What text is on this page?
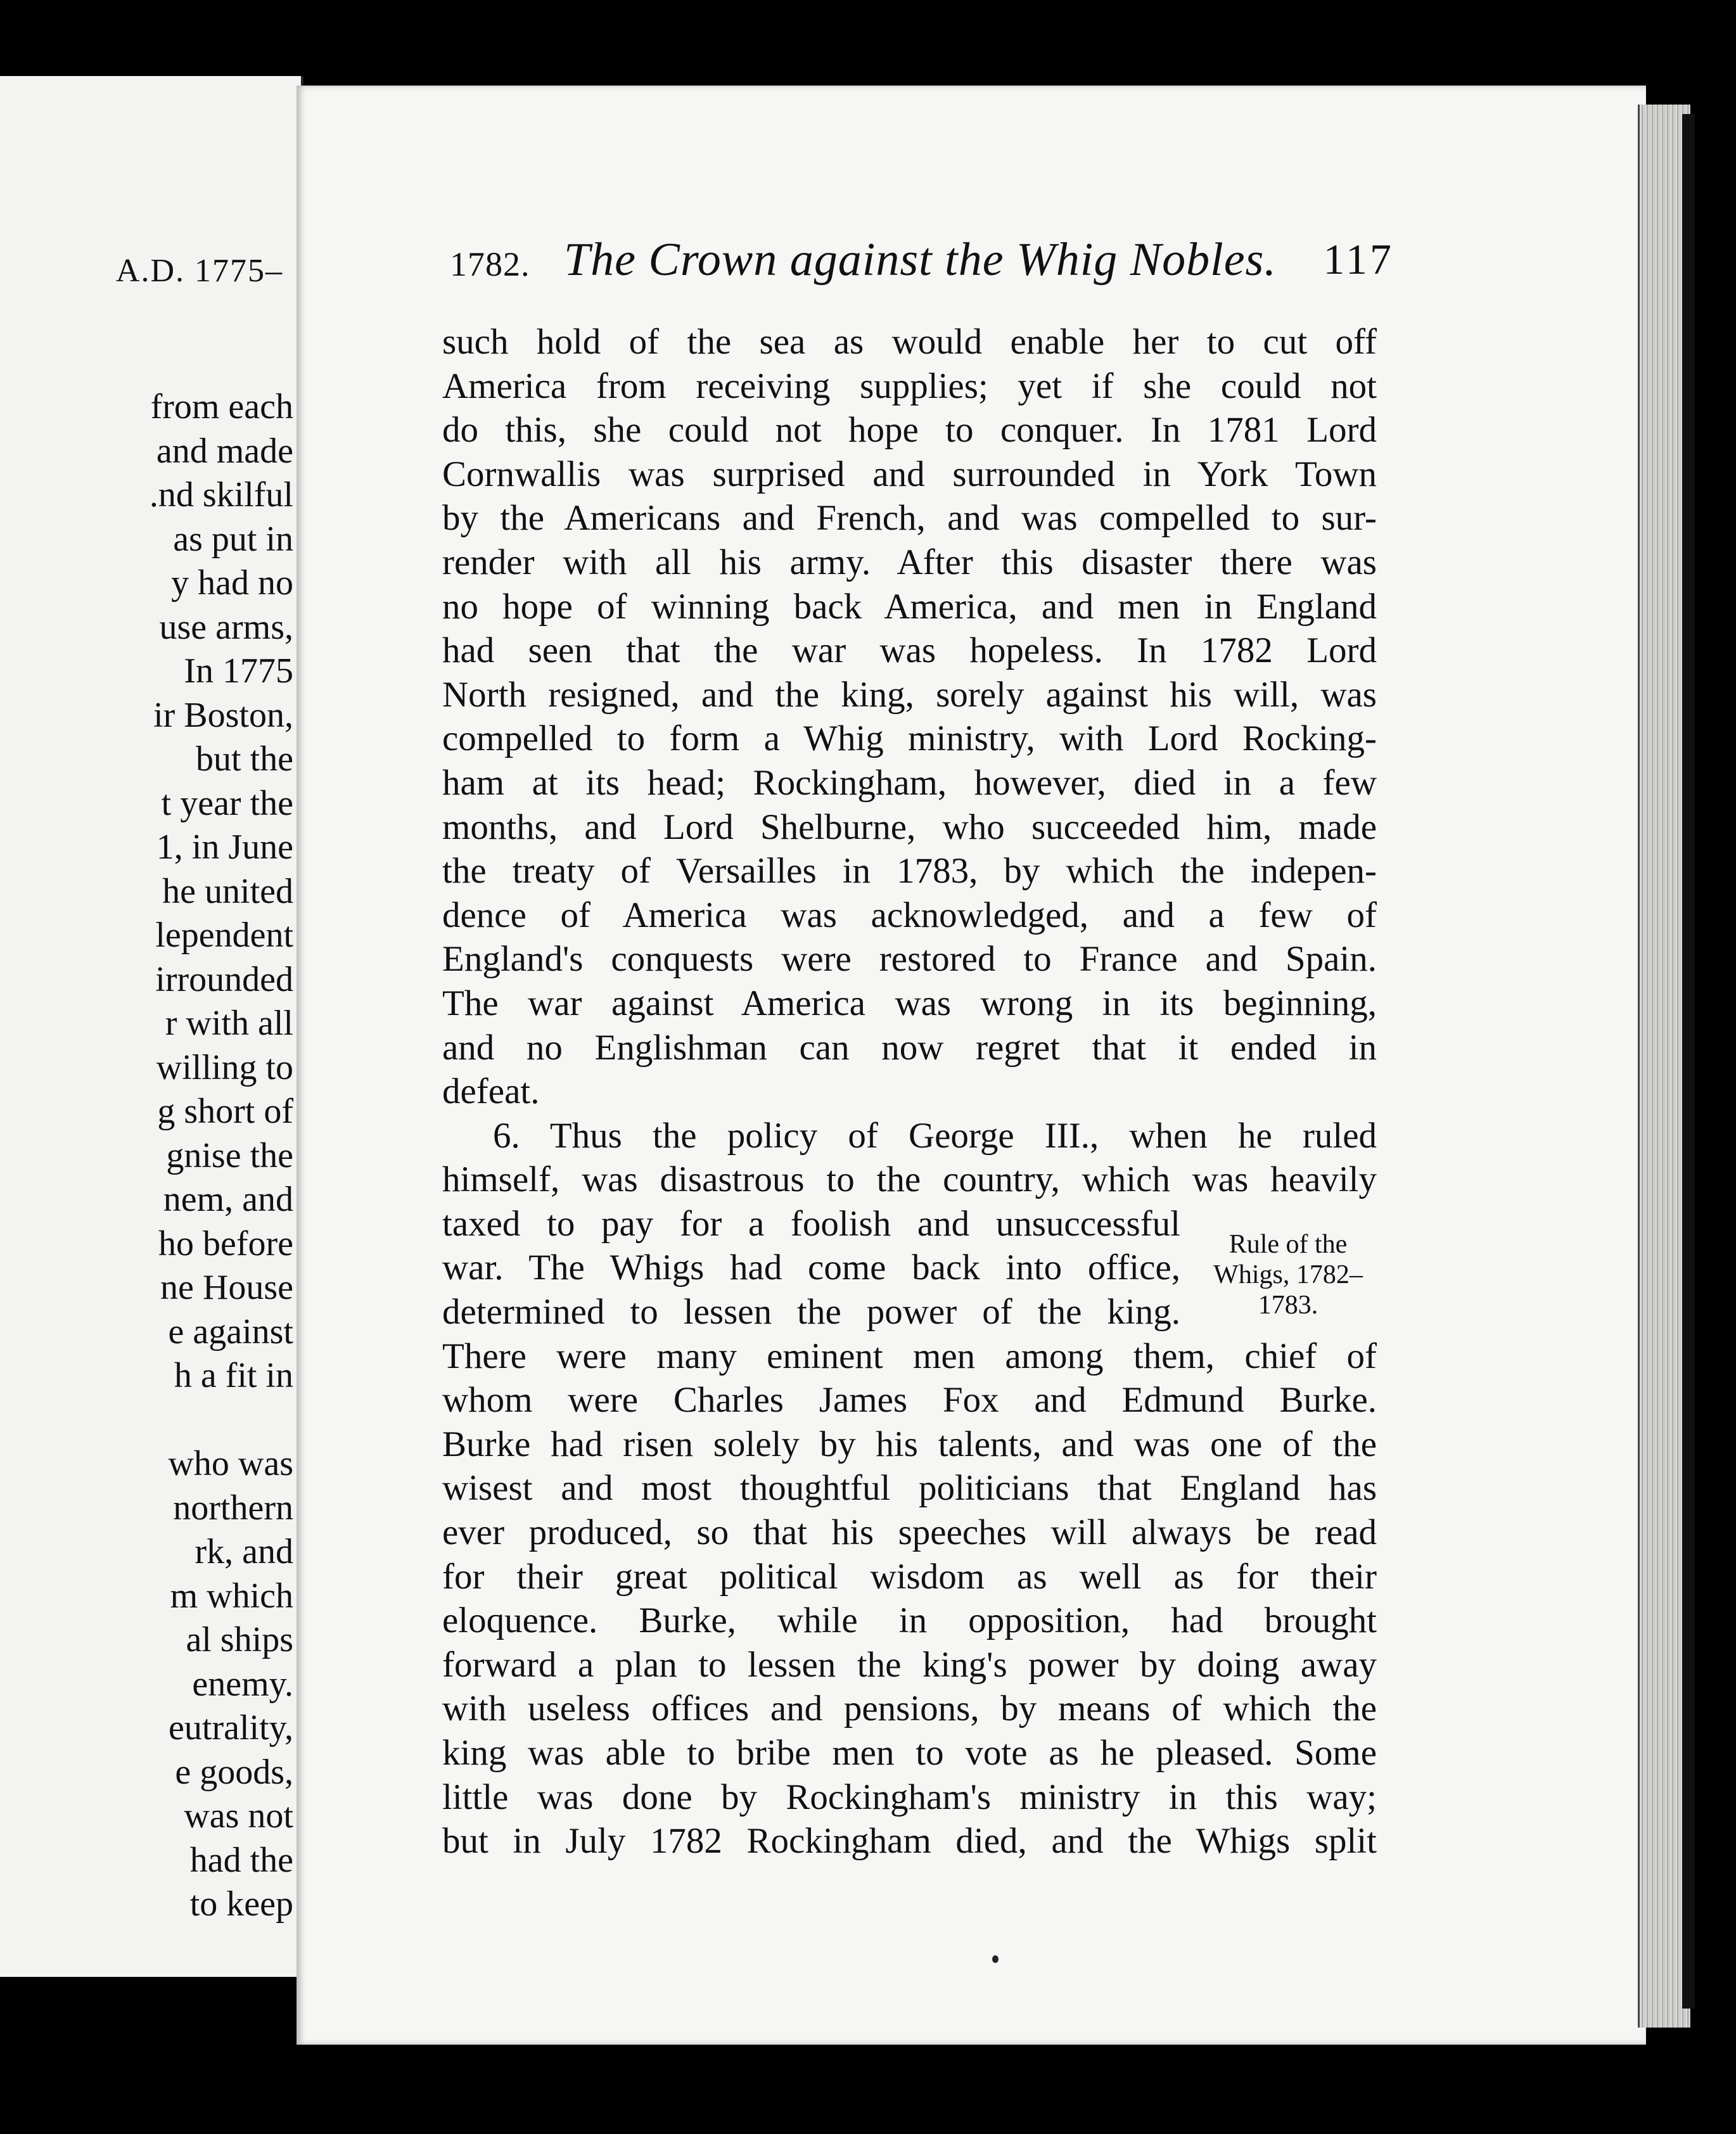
A.D. 1775–
from each
and made
.nd skilful
as put in
y had no
use arms,
In 1775
ir Boston,
but the
t year the
1, in June
he united
lependent
irrounded
r with all
willing to
g short of
gnise the
nem, and
ho before
ne House
e against
h a fit in
who was
northern
rk, and
m which
al ships
enemy.
eutrality,
e goods,
was not
had the
to keep
1782. The Crown against the Whig Nobles. 117
such hold of the sea as would enable her to cut off
America from receiving supplies; yet if she could not
do this, she could not hope to conquer. In 1781 Lord
Cornwallis was surprised and surrounded in York Town
by the Americans and French, and was compelled to sur-
render with all his army. After this disaster there was
no hope of winning back America, and men in England
had seen that the war was hopeless. In 1782 Lord
North resigned, and the king, sorely against his will, was
compelled to form a Whig ministry, with Lord Rocking-
ham at its head; Rockingham, however, died in a few
months, and Lord Shelburne, who succeeded him, made
the treaty of Versailles in 1783, by which the indepen-
dence of America was acknowledged, and a few of
England's conquests were restored to France and Spain.
The war against America was wrong in its beginning,
and no Englishman can now regret that it ended in
defeat.
6. Thus the policy of George III., when he ruled
himself, was disastrous to the country, which was heavily
taxed to pay for a foolish and unsuccessful
war. The Whigs had come back into office,
determined to lessen the power of the king.
There were many eminent men among them, chief of
whom were Charles James Fox and Edmund Burke.
Burke had risen solely by his talents, and was one of the
wisest and most thoughtful politicians that England has
ever produced, so that his speeches will always be read
for their great political wisdom as well as for their
eloquence. Burke, while in opposition, had brought
forward a plan to lessen the king's power by doing away
with useless offices and pensions, by means of which the
king was able to bribe men to vote as he pleased. Some
little was done by Rockingham's ministry in this way;
but in July 1782 Rockingham died, and the Whigs split
Rule of the
Whigs, 1782–
1783.
